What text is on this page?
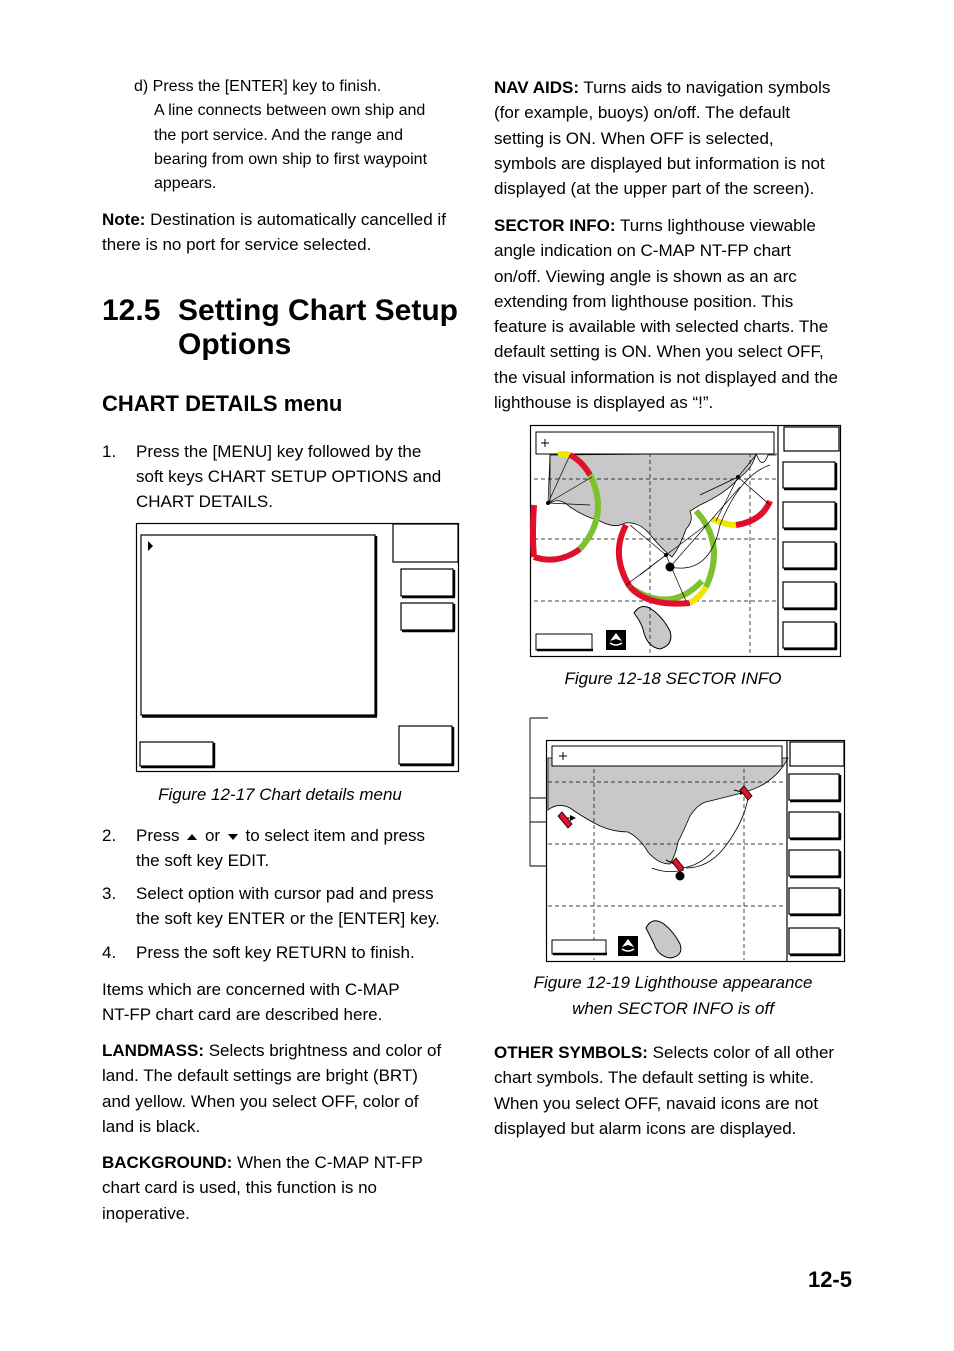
d) Press the [ENTER] key to finish.
A line connects between own ship and
the port service. And the range and
bearing from own ship to first waypoint
appears.
Note: Destination is automatically cancelled if
there is no port for service selected.
12.5 Setting Chart Setup
Options
CHART DETAILS menu
1. Press the [MENU] key followed by the
soft keys CHART SETUP OPTIONS and
CHART DETAILS.
Figure 12-17 Chart details menu
2. Press or to select item and press
the soft key EDIT.
3. Select option with cursor pad and press
the soft key ENTER or the [ENTER] key.
4. Press the soft key RETURN to finish.
Items which are concerned with C-MAP
NT-FP chart card are described here.
LANDMASS: Selects brightness and color of
land. The default settings are bright (BRT)
and yellow. When you select OFF, color of
land is black.
BACKGROUND: When the C-MAP NT-FP
chart card is used, this function is no
inoperative.
NAV AIDS: Turns aids to navigation symbols
(for example, buoys) on/off. The default
setting is ON. When OFF is selected,
symbols are displayed but information is not
displayed (at the upper part of the screen).
SECTOR INFO: Turns lighthouse viewable
angle indication on C-MAP NT-FP chart
on/off. Viewing angle is shown as an arc
extending from lighthouse position. This
feature is available with selected charts. The
default setting is ON. When you select OFF,
the visual information is not displayed and the
lighthouse is displayed as “!”.
Figure 12-18 SECTOR INFO
Figure 12-19 Lighthouse appearance
when SECTOR INFO is off
OTHER SYMBOLS: Selects color of all other
chart symbols. The default setting is white.
When you select OFF, navaid icons are not
displayed but alarm icons are displayed.
12-5
